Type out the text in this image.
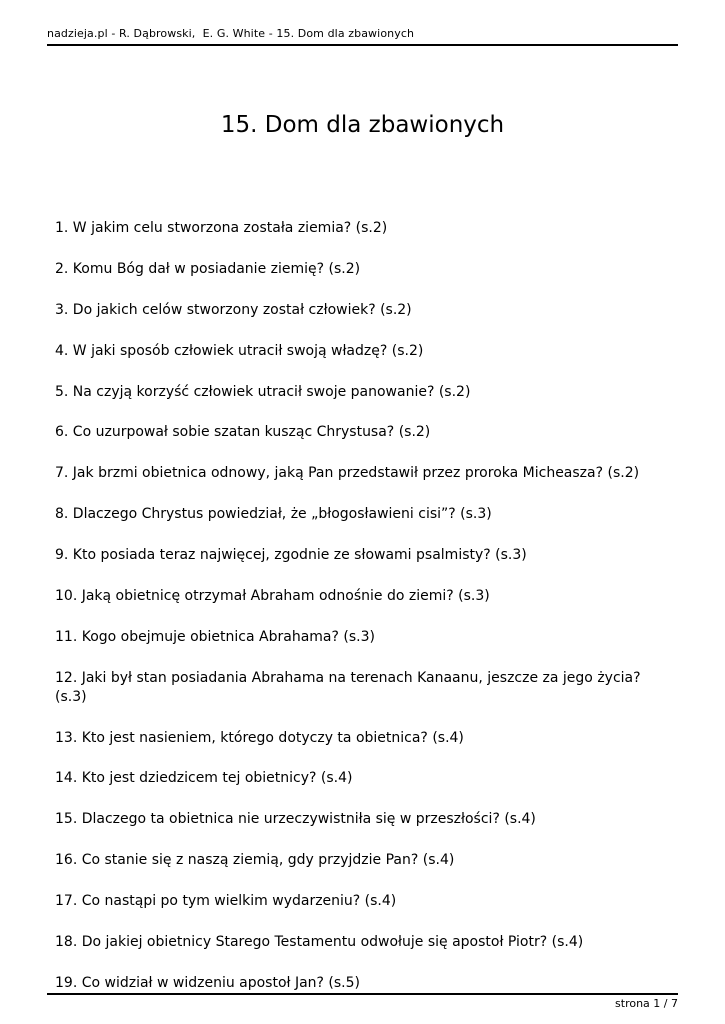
nadzieja.pl - R. Dąbrowski,  E. G. White - 15. Dom dla zbawionych
15. Dom dla zbawionych

1. W jakim celu stworzona została ziemia? (s.2)

2. Komu Bóg dał w posiadanie ziemię? (s.2)

3. Do jakich celów stworzony został człowiek? (s.2)

4. W jaki sposób człowiek utracił swoją władzę? (s.2)

5. Na czyją korzyść człowiek utracił swoje panowanie? (s.2)

6. Co uzurpował sobie szatan kusząc Chrystusa? (s.2)

7. Jak brzmi obietnica odnowy, jaką Pan przedstawił przez proroka Micheasza? (s.2)

8. Dlaczego Chrystus powiedział, że „błogosławieni cisi”? (s.3)

9. Kto posiada teraz najwięcej, zgodnie ze słowami psalmisty? (s.3)

10. Jaką obietnicę otrzymał Abraham odnośnie do ziemi? (s.3)

11. Kogo obejmuje obietnica Abrahama? (s.3)

12. Jaki był stan posiadania Abrahama na terenach Kanaanu, jeszcze za jego życia? (s.3)

13. Kto jest nasieniem, którego dotyczy ta obietnica? (s.4)

14. Kto jest dziedzicem tej obietnicy? (s.4)

15. Dlaczego ta obietnica nie urzeczywistniła się w przeszłości? (s.4)

16. Co stanie się z naszą ziemią, gdy przyjdzie Pan? (s.4)

17. Co nastąpi po tym wielkim wydarzeniu? (s.4)

18. Do jakiej obietnicy Starego Testamentu odwołuje się apostoł Piotr? (s.4)

19. Co widział w widzeniu apostoł Jan? (s.5)

strona 1 / 7
